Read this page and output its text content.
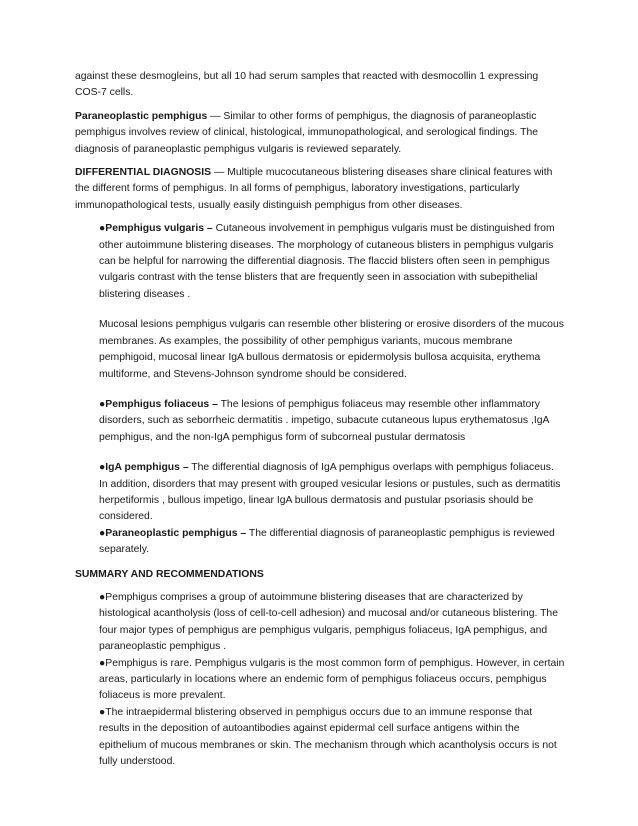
against these desmogleins, but all 10 had serum samples that reacted with desmocollin 1 expressing COS-7 cells.

Paraneoplastic pemphigus — Similar to other forms of pemphigus, the diagnosis of paraneoplastic pemphigus involves review of clinical, histological, immunopathological, and serological findings. The diagnosis of paraneoplastic pemphigus vulgaris is reviewed separately.

DIFFERENTIAL DIAGNOSIS — Multiple mucocutaneous blistering diseases share clinical features with the different forms of pemphigus. In all forms of pemphigus, laboratory investigations, particularly immunopathological tests, usually easily distinguish pemphigus from other diseases.

●Pemphigus vulgaris – Cutaneous involvement in pemphigus vulgaris must be distinguished from other autoimmune blistering diseases. The morphology of cutaneous blisters in pemphigus vulgaris can be helpful for narrowing the differential diagnosis. The flaccid blisters often seen in pemphigus vulgaris contrast with the tense blisters that are frequently seen in association with subepithelial blistering diseases .

Mucosal lesions pemphigus vulgaris can resemble other blistering or erosive disorders of the mucous membranes. As examples, the possibility of other pemphigus variants, mucous membrane pemphigoid, mucosal linear IgA bullous dermatosis or epidermolysis bullosa acquisita, erythema multiforme, and Stevens-Johnson syndrome should be considered.

●Pemphigus foliaceus – The lesions of pemphigus foliaceus may resemble other inflammatory disorders, such as seborrheic dermatitis . impetigo, subacute cutaneous lupus erythematosus ,IgA pemphigus, and the non-IgA pemphigus form of subcorneal pustular dermatosis

●IgA pemphigus – The differential diagnosis of IgA pemphigus overlaps with pemphigus foliaceus. In addition, disorders that may present with grouped vesicular lesions or pustules, such as dermatitis herpetiformis , bullous impetigo, linear IgA bullous dermatosis and pustular psoriasis should be considered.

●Paraneoplastic pemphigus – The differential diagnosis of paraneoplastic pemphigus is reviewed separately.

SUMMARY AND RECOMMENDATIONS

●Pemphigus comprises a group of autoimmune blistering diseases that are characterized by histological acantholysis (loss of cell-to-cell adhesion) and mucosal and/or cutaneous blistering. The four major types of pemphigus are pemphigus vulgaris, pemphigus foliaceus, IgA pemphigus, and paraneoplastic pemphigus .

●Pemphigus is rare. Pemphigus vulgaris is the most common form of pemphigus. However, in certain areas, particularly in locations where an endemic form of pemphigus foliaceus occurs, pemphigus foliaceus is more prevalent.

●The intraepidermal blistering observed in pemphigus occurs due to an immune response that results in the deposition of autoantibodies against epidermal cell surface antigens within the epithelium of mucous membranes or skin. The mechanism through which acantholysis occurs is not fully understood.
